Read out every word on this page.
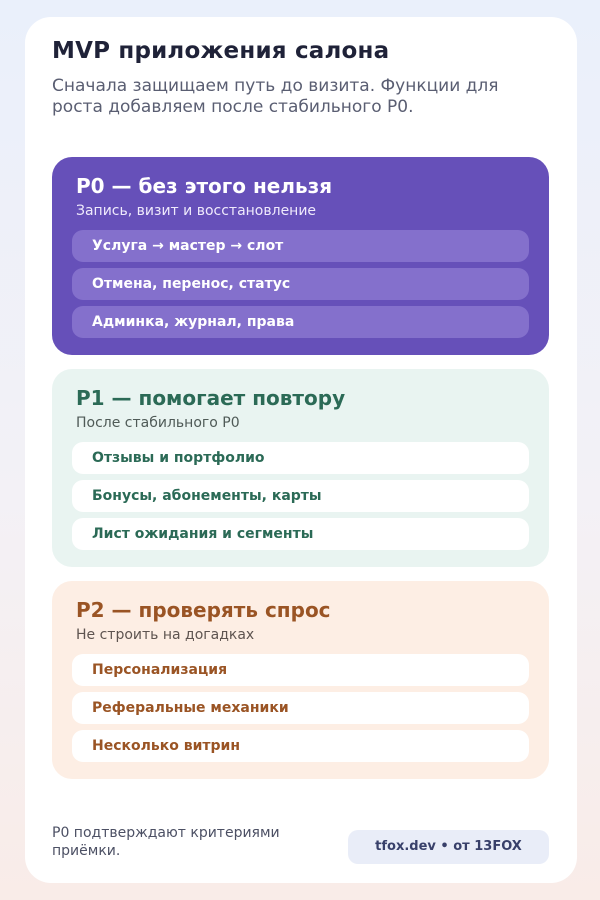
MVP приложения салона

Сначала защищаем путь до визита. Функции для роста добавляем после стабильного P0.

P0 — без этого нельзя
Запись, визит и восстановление
Услуга → мастер → слот
Отмена, перенос, статус
Админка, журнал, права
P1 — помогает повтору
После стабильного P0
Отзывы и портфолио
Бонусы, абонементы, карты
Лист ожидания и сегменты
P2 — проверять спрос
Не строить на догадках
Персонализация
Реферальные механики
Несколько витрин

P0 подтверждают критериями приёмки.	tfox.dev • от 13FOX
